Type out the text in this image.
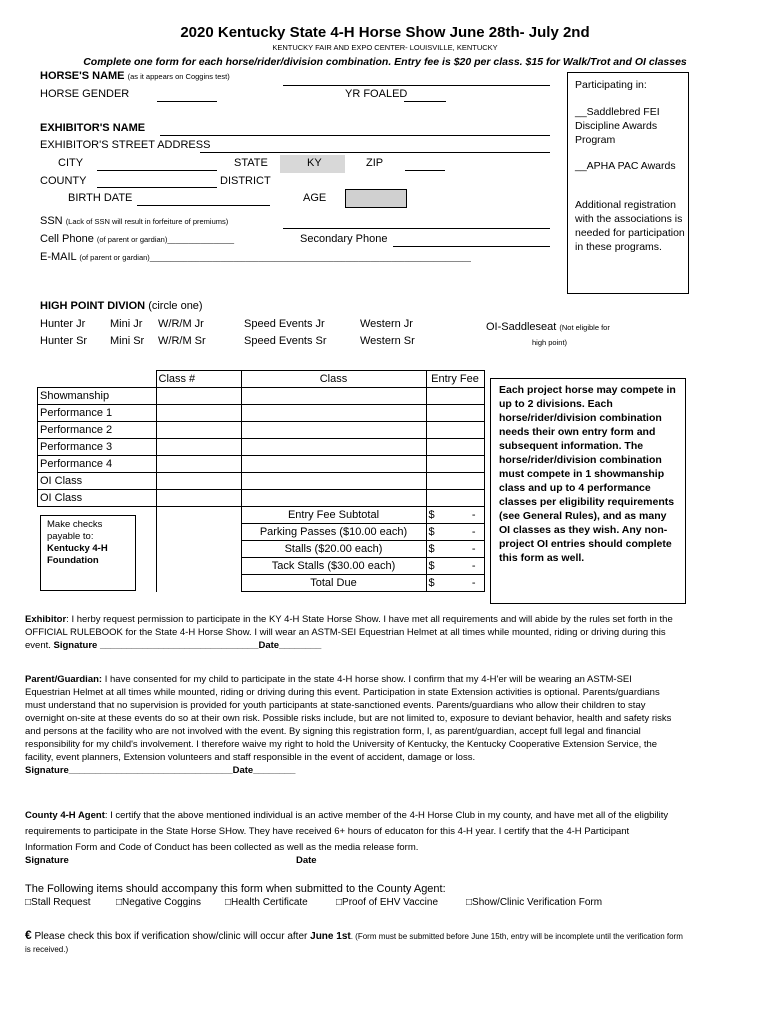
2020 Kentucky State 4-H Horse Show June 28th- July 2nd
KENTUCKY FAIR AND EXPO CENTER- LOUISVILLE, KENTUCKY
Complete one form for each horse/rider/division combination. Entry fee is $20 per class. $15 for Walk/Trot and OI classes
HORSE'S NAME (as it appears on Coggins test)
HORSE GENDER	YR FOALED
EXHIBITOR'S NAME
EXHIBITOR'S STREET ADDRESS
CITY	STATE	KY	ZIP
COUNTY	DISTRICT
BIRTH DATE	AGE
SSN (Lack of SSN will result in forfeiture of premiums)
Cell Phone (of parent or gardian)________________	Secondary Phone
E-MAIL (of parent or gardian)_____________________________________________________________________________

Participating in:

__Saddlebred FEI Discipline Awards Program

__APHA PAC Awards

Additional registration with the associations is needed for participation in these programs.

HIGH POINT DIVION (circle one)
Hunter Jr Mini Jr W/R/M Jr	Speed Events Jr	Western Jr
Hunter Sr Mini Sr W/R/M Sr	Speed Events Sr	Western Sr
OI-Saddleseat (Not eligible for
high point)
	Class #	Class	Entry Fee
Showmanship			
Performance 1			
Performance 2			
Performance 3			
Performance 4			
OI Class			
OI Class			
		Entry Fee Subtotal	$ -

		Parking Passes ($10.00 each)	$ -

		Stalls ($20.00 each)	$ -

		Tack Stalls ($30.00 each)	$ -

		Total Due	$ -
Make checks payable to:
Kentucky 4-H Foundation
Each project horse may compete in up to 2 divisions. Each horse/rider/division combination needs their own entry form and subsequent information. The horse/rider/division combination must compete in 1 showmanship class and up to 4 performance classes per eligibility requirements (see General Rules), and as many OI classes as they wish. Any non-project OI entries should complete this form as well.
Exhibitor: I herby request permission to participate in the KY 4-H State Horse Show. I have met all requirements and will abide by the rules set forth in the OFFICIAL RULEBOOK for the State 4-H Horse Show. I will wear an ASTM-SEI Equestrian Helmet at all times while mounted, riding or driving during this event. Signature ______________________________Date________
Parent/Guardian: I have consented for my child to participate in the state 4-H horse show. I confirm that my 4-H'er will be wearing an ASTM-SEI Equestrian Helmet at all times while mounted, riding or driving during this event. Participation in state Extension activities is optional. Parents/guardians must understand that no supervision is provided for youth participants at state-sanctioned events. Parents/guardians who allow their children to stay overnight on-site at these events do so at their own risk. Possible risks include, but are not limited to, exposure to deviant behavior, health and safety risks and persons at the facility who are not involved with the event. By signing this registration form, I, as parent/guardian, accept full legal and financial responsibility for my child's involvement. I therefore waive my right to hold the University of Kentucky, the Kentucky Cooperative Extension Service, the facility, event planners, Extension volunteers and staff responsible in the event of accident, damage or loss. Signature_______________________________Date________
County 4-H Agent: I certify that the above mentioned individual is an active member of the 4-H Horse Club in my county, and have met all of the eligbility requirements to participate in the State Horse SHow. They have received 6+ hours of educaton for this 4-H year. I certify that the 4-H Participant Information Form and Code of Conduct has been collected as well as the media release form.
Signature	Date
The Following items should accompany this form when submitted to the County Agent:
□Stall Request	□Negative Coggins □Health Certificate	□Proof of EHV Vaccine	□Show/Clinic Verification Form
€ Please check this box if verification show/clinic will occur after June 1st. (Form must be submitted before June 15th, entry will be incomplete until the verification form is received.)
